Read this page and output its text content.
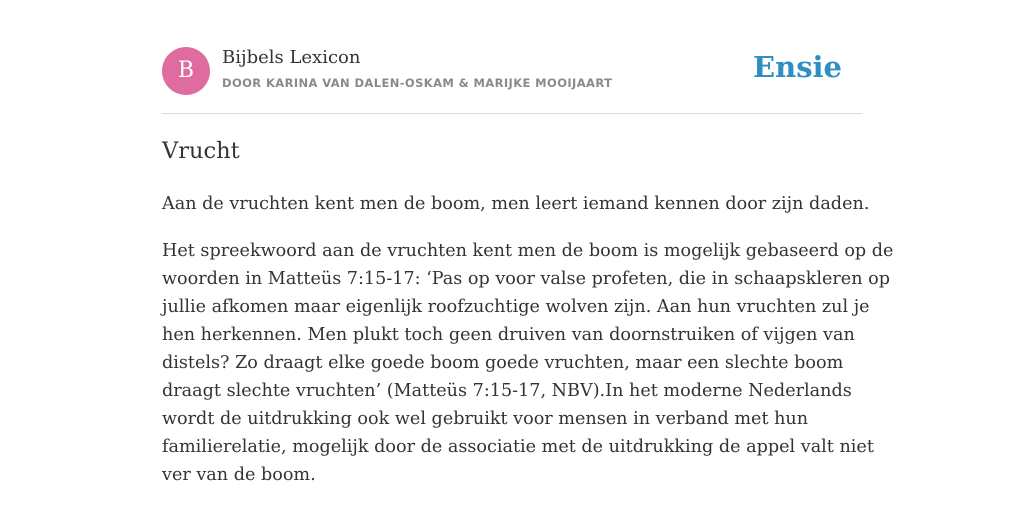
B
Bijbels Lexicon
DOOR KARINA VAN DALEN-OSKAM & MARIJKE MOOIJAART	Ensie
Vrucht

Aan de vruchten kent men de boom, men leert iemand kennen door zijn daden.

Het spreekwoord aan de vruchten kent men de boom is mogelijk gebaseerd op de
woorden in Matteüs 7:15-17: ‘Pas op voor valse profeten, die in schaapskleren op
jullie afkomen maar eigenlijk roofzuchtige wolven zijn. Aan hun vruchten zul je
hen herkennen. Men plukt toch geen druiven van doornstruiken of vijgen van
distels? Zo draagt elke goede boom goede vruchten, maar een slechte boom
draagt slechte vruchten’ (Matteüs 7:15-17, NBV).In het moderne Nederlands
wordt de uitdrukking ook wel gebruikt voor mensen in verband met hun
familierelatie, mogelijk door de associatie met de uitdrukking de appel valt niet
ver van de boom.
